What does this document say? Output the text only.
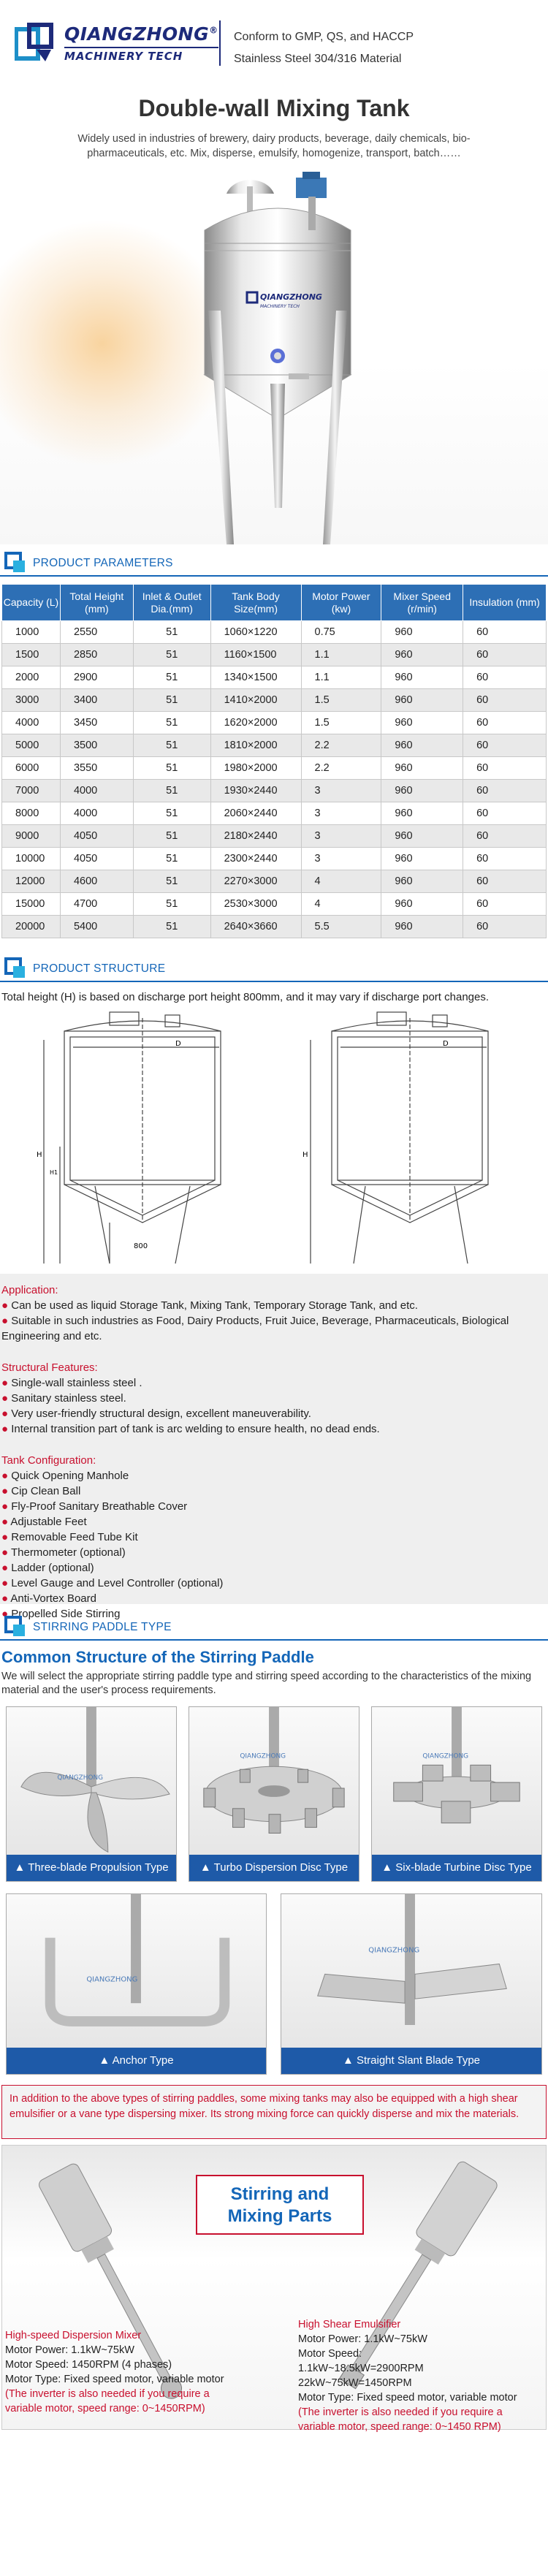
QIANGZHONG®
MACHINERY TECH
Conform to GMP, QS, and HACCP
Stainless Steel 304/316 Material
Double-wall Mixing Tank
Widely used in industries of brewery, dairy products, beverage, daily chemicals, bio-pharmaceuticals, etc. Mix, disperse, emulsify, homogenize, transport, batch……
QIANGZHONG
MACHINERY TECH
PRODUCT PARAMETERS
Capacity (L)	Total Height (mm)	Inlet & Outlet Dia.(mm)	Tank Body Size(mm)	Motor Power (kw)	Mixer Speed (r/min)	Insulation (mm)
1000	2550	51	1060×1220	0.75	960	60
1500	2850	51	1160×1500	1.1	960	60
2000	2900	51	1340×1500	1.1	960	60
3000	3400	51	1410×2000	1.5	960	60
4000	3450	51	1620×2000	1.5	960	60
5000	3500	51	1810×2000	2.2	960	60
6000	3550	51	1980×2000	2.2	960	60
7000	4000	51	1930×2440	3	960	60
8000	4000	51	2060×2440	3	960	60
9000	4050	51	2180×2440	3	960	60
10000	4050	51	2300×2440	3	960	60
12000	4600	51	2270×3000	4	960	60
15000	4700	51	2530×3000	4	960	60
20000	5400	51	2640×3660	5.5	960	60
PRODUCT STRUCTURE
Total height (H) is based on discharge port height 800mm, and it may vary if discharge port changes.
D
H
H1
800
D
H
Application:
● Can be used as liquid Storage Tank, Mixing Tank, Temporary Storage Tank, and etc.
● Suitable in such industries as Food, Dairy Products, Fruit Juice, Beverage, Pharmaceuticals, Biological Engineering and etc.
Structural Features:
● Single-wall stainless steel .
● Sanitary stainless steel.
● Very user-friendly structural design, excellent maneuverability.
● Internal transition part of tank is arc welding to ensure health, no dead ends.
Tank Configuration:
● Quick Opening Manhole
● Cip Clean Ball
● Fly-Proof Sanitary Breathable Cover
● Adjustable Feet
● Removable Feed Tube Kit
● Thermometer (optional)
● Ladder (optional)
● Level Gauge and Level Controller (optional)
● Anti-Vortex Board
● Propelled Side Stirring
STIRRING PADDLE TYPE
Common Structure of the Stirring Paddle
We will select the appropriate stirring paddle type and stirring speed according to the characteristics of the mixing material and the user's process requirements.
QIANGZHONG
▲ Three-blade Propulsion Type
QIANGZHONG
▲ Turbo Dispersion Disc Type
QIANGZHONG
▲ Six-blade Turbine Disc Type
QIANGZHONG
▲ Anchor Type
QIANGZHONG
▲ Straight Slant Blade Type
In addition to the above types of stirring paddles, some mixing tanks may also be equipped with a high shear emulsifier or a vane type dispersing mixer. Its strong mixing force can quickly disperse and mix the materials.
Stirring and
Mixing Parts
High-speed Dispersion Mixer
Motor Power: 1.1kW~75kW
Motor Speed: 1450RPM (4 phases)
Motor Type: Fixed speed motor, variable motor
(The inverter is also needed if you require a variable motor, speed range: 0~1450RPM)
High Shear Emulsifier
Motor Power: 1.1kW~75kW
Motor Speed:
1.1kW~18.5kW=2900RPM
22kW~75kW=1450RPM
Motor Type: Fixed speed motor, variable motor
(The inverter is also needed if you require a variable motor, speed range: 0~1450 RPM)
